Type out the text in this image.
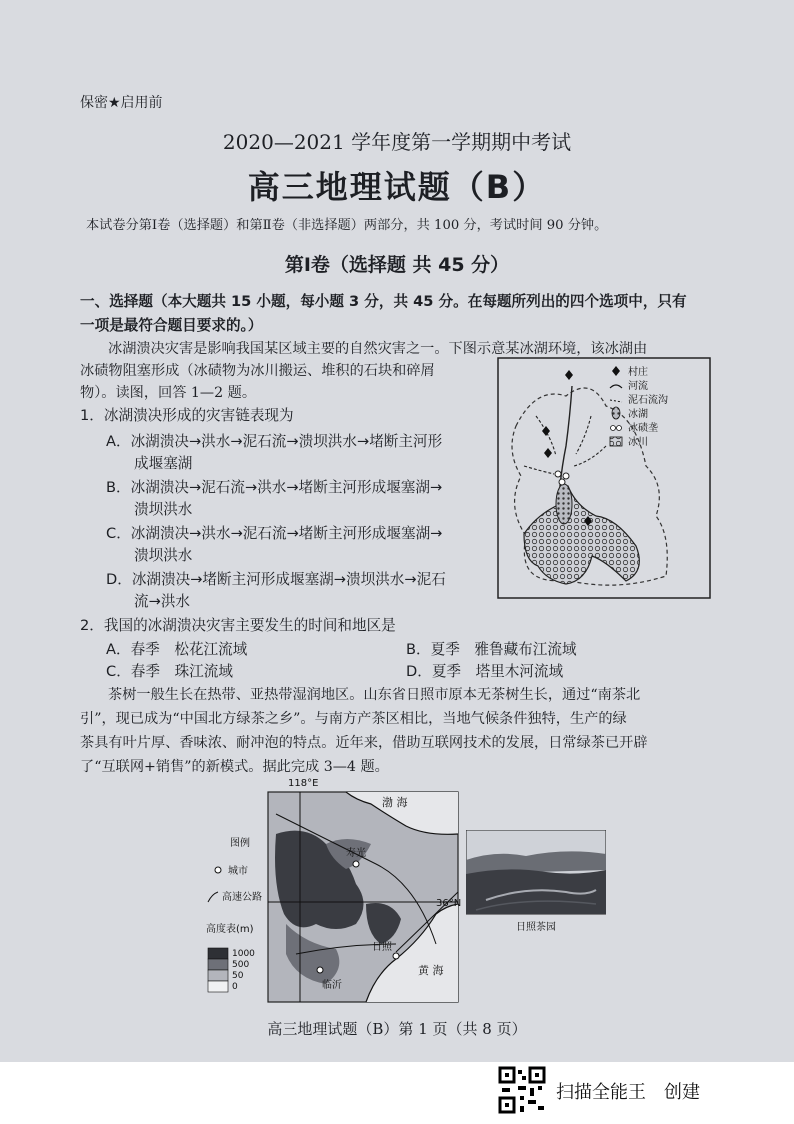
保密★启用前
2020—2021 学年度第一学期期中考试
高三地理试题（B）
本试卷分第Ⅰ卷（选择题）和第Ⅱ卷（非选择题）两部分，共 100 分，考试时间 90 分钟。
第Ⅰ卷（选择题 共 45 分）
一、选择题（本大题共 15 小题，每小题 3 分，共 45 分。在每题所列出的四个选项中，只有
一项是最符合题目要求的。）
冰湖溃决灾害是影响我国某区域主要的自然灾害之一。下图示意某冰湖环境，该冰湖由
冰碛物阻塞形成（冰碛物为冰川搬运、堆积的石块和碎屑
物）。读图，回答 1—2 题。
1．冰湖溃决形成的灾害链表现为
A．冰湖溃决→洪水→泥石流→溃坝洪水→堵断主河形
成堰塞湖
B．冰湖溃决→泥石流→洪水→堵断主河形成堰塞湖→
溃坝洪水
C．冰湖溃决→洪水→泥石流→堵断主河形成堰塞湖→
溃坝洪水
D．冰湖溃决→堵断主河形成堰塞湖→溃坝洪水→泥石
流→洪水
2．我国的冰湖溃决灾害主要发生的时间和地区是
A．春季　松花江流域	B．夏季　雅鲁藏布江流域
C．春季　珠江流域	D．夏季　塔里木河流域
茶树一般生长在热带、亚热带湿润地区。山东省日照市原本无茶树生长，通过“南茶北
引”，现已成为“中国北方绿茶之乡”。与南方产茶区相比，当地气候条件独特，生产的绿
茶具有叶片厚、香味浓、耐冲泡的特点。近年来，借助互联网技术的发展，日常绿茶已开辟
了“互联网+销售”的新模式。据此完成 3—4 题。
村庄
河流
泥石流沟
冰湖
冰碛垄
冰川
118°E
渤 海
黄 海
寿光
日照
临沂
图例
城市
高速公路
高度表(m)
1000
500
50
0
36°N
日照茶园
高三地理试题（B）第 1 页（共 8 页）
扫描全能王　创建
